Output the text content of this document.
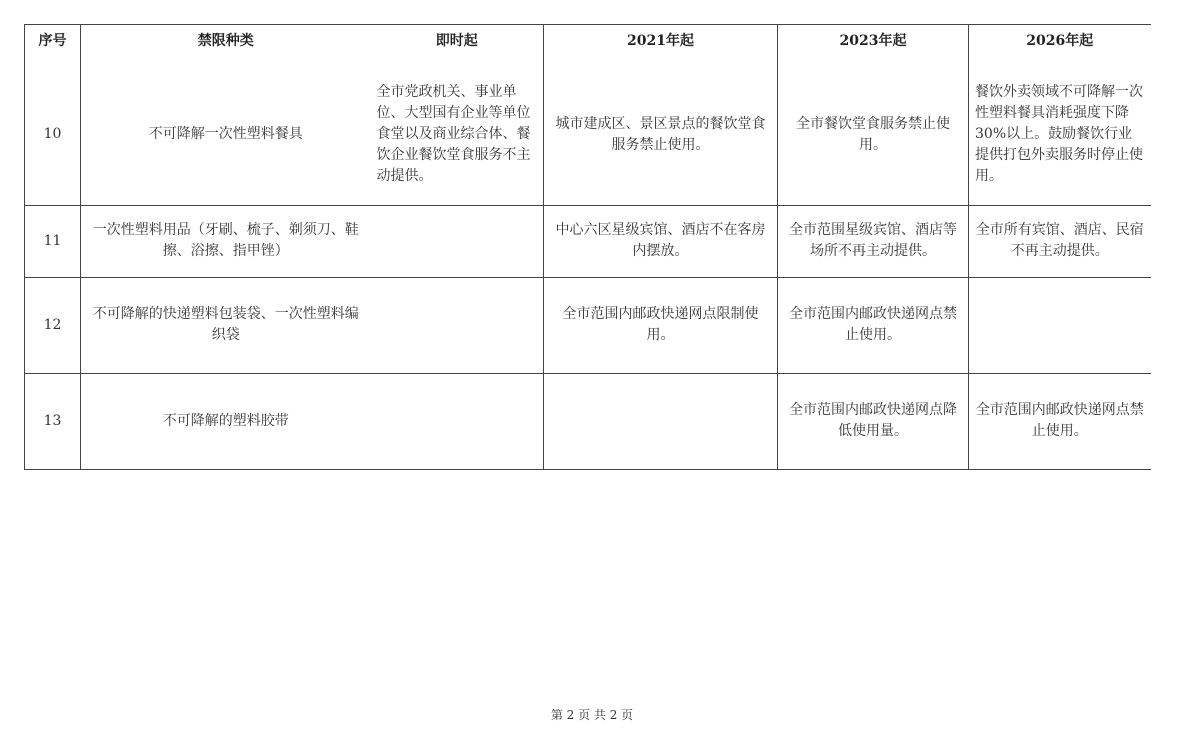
序号	禁限种类	即时起	2021年起	2023年起	2026年起
10	不可降解一次性塑料餐具	全市党政机关、事业单位、大型国有企业等单位食堂以及商业综合体、餐饮企业餐饮堂食服务不主动提供。	城市建成区、景区景点的餐饮堂食服务禁止使用。	全市餐饮堂食服务禁止使用。	餐饮外卖领域不可降解一次性塑料餐具消耗强度下降30%以上。鼓励餐饮行业提供打包外卖服务时停止使用。
11	一次性塑料用品（牙刷、梳子、剃须刀、鞋擦、浴擦、指甲锉）		中心六区星级宾馆、酒店不在客房内摆放。	全市范围星级宾馆、酒店等场所不再主动提供。	全市所有宾馆、酒店、民宿不再主动提供。
12	不可降解的快递塑料包装袋、一次性塑料编织袋		全市范围内邮政快递网点限制使用。	全市范围内邮政快递网点禁止使用。	
13	不可降解的塑料胶带			全市范围内邮政快递网点降低使用量。	全市范围内邮政快递网点禁止使用。
第 2 页 共 2 页
